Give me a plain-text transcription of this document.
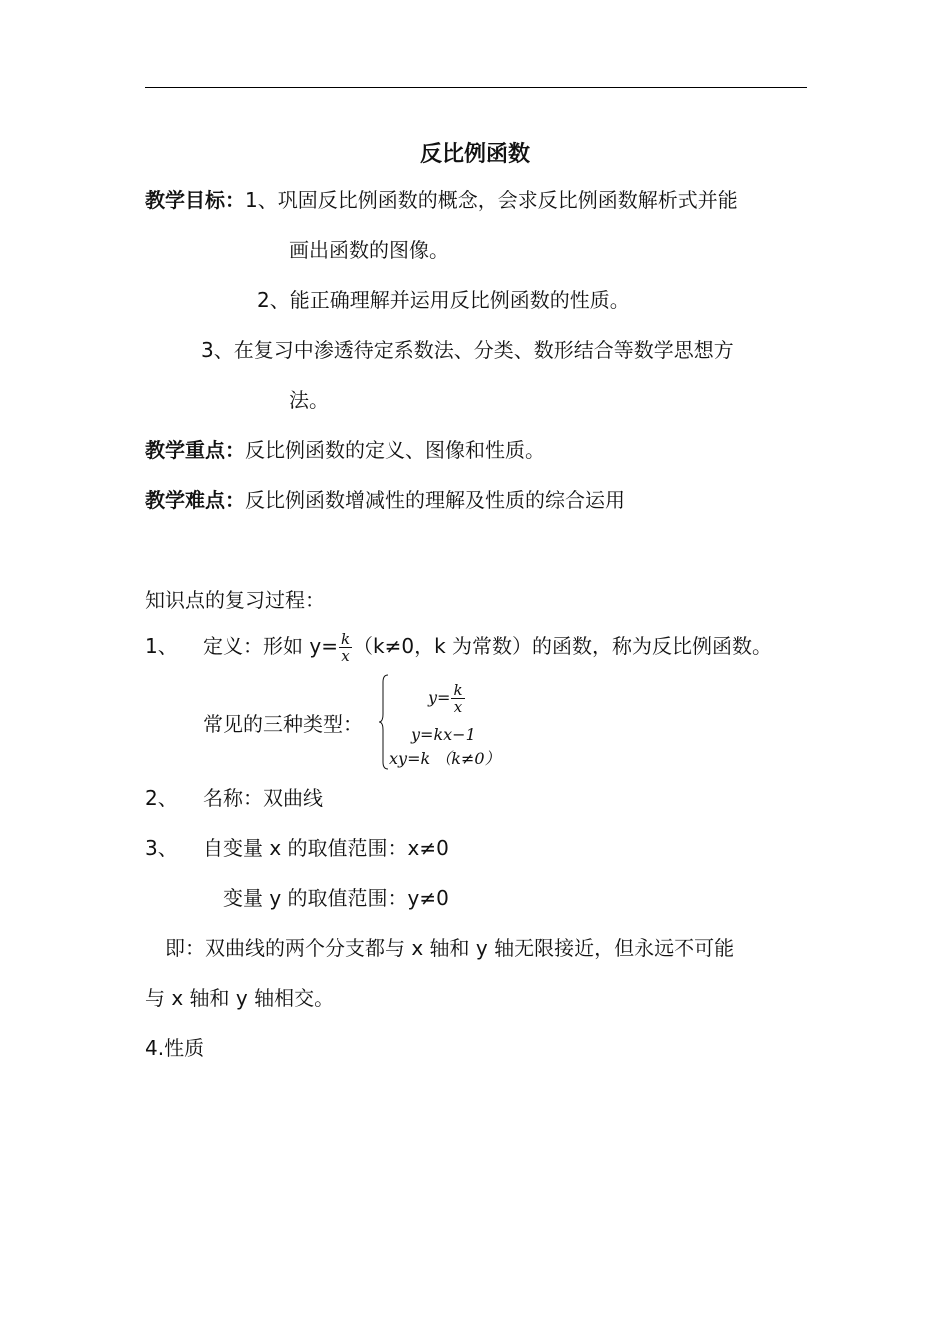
反比例函数
教学目标：1、巩固反比例函数的概念，会求反比例函数解析式并能
画出函数的图像。
2、能正确理解并运用反比例函数的性质。
3、在复习中渗透待定系数法、分类、数形结合等数学思想方
法。
教学重点：反比例函数的定义、图像和性质。
教学难点：反比例函数增减性的理解及性质的综合运用
知识点的复习过程：
1、 定义：形如 $y= \frac{k}{x} (k\ne 0$，k 为常数）的函数，称为反比例函数。
常见的三种类型：
$y= \frac{k}{x}$
y=kx−1
xy=k （k≠0）
2、 名称：双曲线
3、 自变量 x 的取值范围：x≠0
变量 y 的取值范围：y≠0
即：双曲线的两个分支都与 x 轴和 y 轴无限接近，但永远不可能
与 x 轴和 y 轴相交。
4.性质
